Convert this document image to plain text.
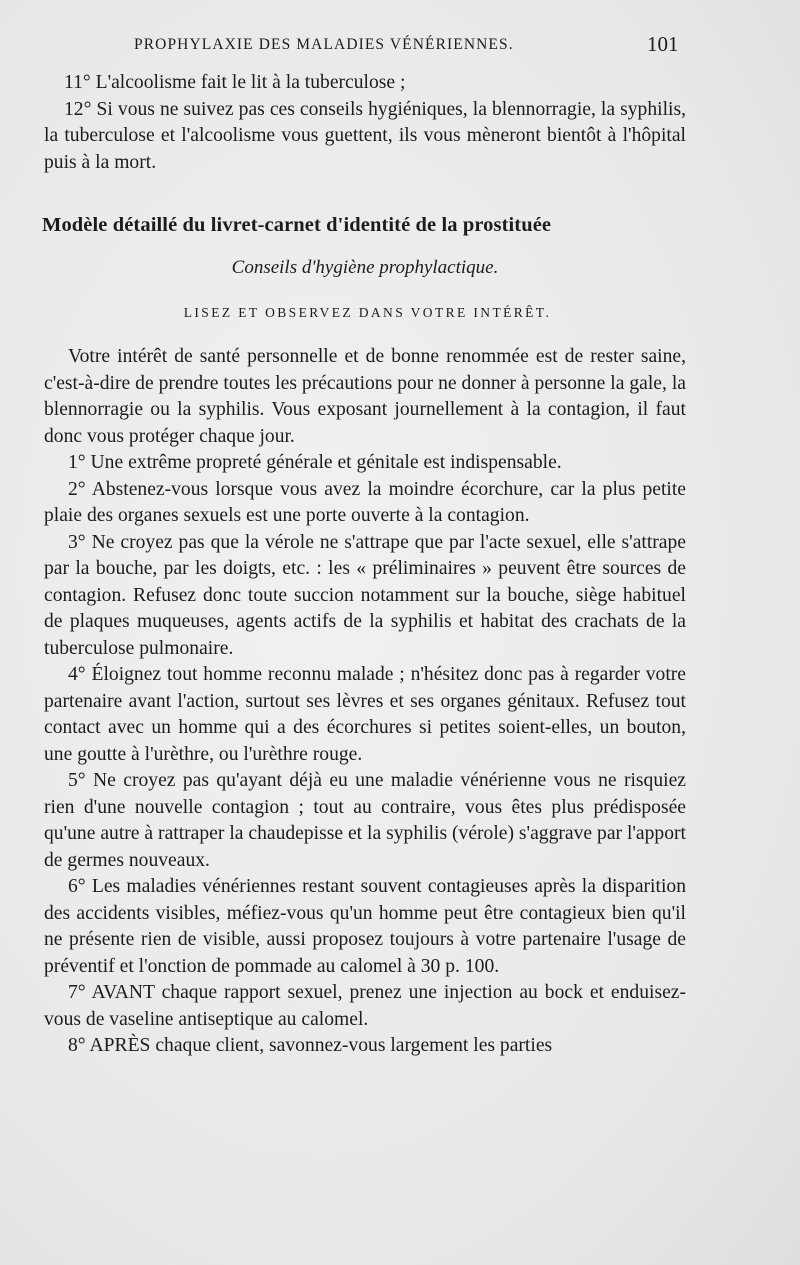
PROPHYLAXIE DES MALADIES VÉNÉRIENNES.	101

11° L'alcoolisme fait le lit à la tuberculose ;

12° Si vous ne suivez pas ces conseils hygiéniques, la blennorragie, la syphilis, la tuberculose et l'alcoolisme vous guettent, ils vous mèneront bientôt à l'hôpital puis à la mort.

Modèle détaillé du livret-carnet d'identité de la prostituée
Conseils d'hygiène prophylactique.
LISEZ ET OBSERVEZ DANS VOTRE INTÉRÊT.

Votre intérêt de santé personnelle et de bonne renommée est de rester saine, c'est-à-dire de prendre toutes les précautions pour ne donner à personne la gale, la blennorragie ou la syphilis. Vous exposant journellement à la contagion, il faut donc vous protéger chaque jour.

1° Une extrême propreté générale et génitale est indispensable.

2° Abstenez-vous lorsque vous avez la moindre écorchure, car la plus petite plaie des organes sexuels est une porte ouverte à la contagion.

3° Ne croyez pas que la vérole ne s'attrape que par l'acte sexuel, elle s'attrape par la bouche, par les doigts, etc. : les « préliminaires » peuvent être sources de contagion. Refusez donc toute succion notamment sur la bouche, siège habituel de plaques muqueuses, agents actifs de la syphilis et habitat des crachats de la tuberculose pulmonaire.

4° Éloignez tout homme reconnu malade ; n'hésitez donc pas à regarder votre partenaire avant l'action, surtout ses lèvres et ses organes génitaux. Refusez tout contact avec un homme qui a des écorchures si petites soient-elles, un bouton, une goutte à l'urèthre, ou l'urèthre rouge.

5° Ne croyez pas qu'ayant déjà eu une maladie vénérienne vous ne risquiez rien d'une nouvelle contagion ; tout au contraire, vous êtes plus prédisposée qu'une autre à rattraper la chaudepisse et la syphilis (vérole) s'aggrave par l'apport de germes nouveaux.

6° Les maladies vénériennes restant souvent contagieuses après la disparition des accidents visibles, méfiez-vous qu'un homme peut être contagieux bien qu'il ne présente rien de visible, aussi proposez toujours à votre partenaire l'usage de préventif et l'onction de pommade au calomel à 30 p. 100.

7° AVANT chaque rapport sexuel, prenez une injection au bock et enduisez-vous de vaseline antiseptique au calomel.

8° APRÈS chaque client, savonnez-vous largement les parties
